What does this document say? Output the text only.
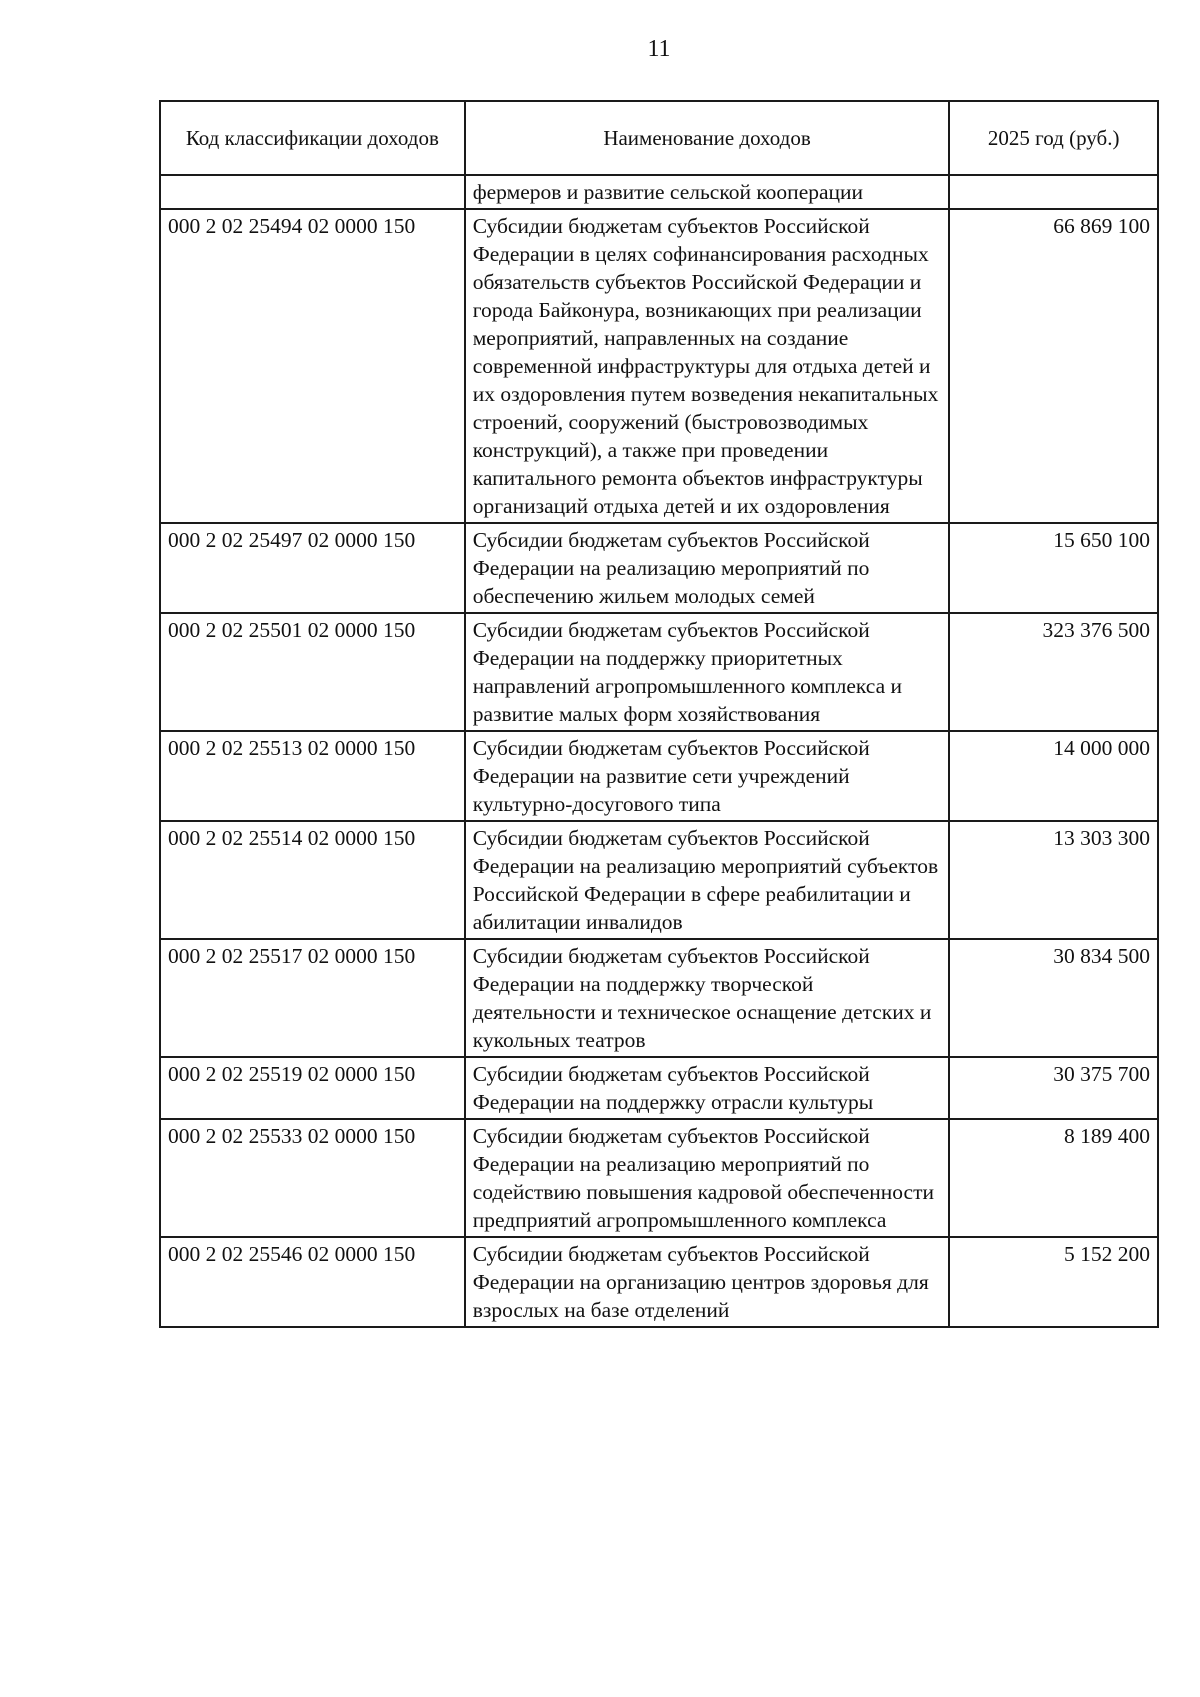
11
Код классификации доходов	Наименование доходов	2025 год (руб.)
	фермеров и развитие сельской кооперации	
000 2 02 25494 02 0000 150	Субсидии бюджетам субъектов Российской Федерации в целях софинансирования расходных обязательств субъектов Российской Федерации и города Байконура, возникающих при реализации мероприятий, направленных на создание современной инфраструктуры для отдыха детей и их оздоровления путем возведения некапитальных строений, сооружений (быстровозводимых конструкций), а также при проведении капитального ремонта объектов инфраструктуры организаций отдыха детей и их оздоровления	66 869 100
000 2 02 25497 02 0000 150	Субсидии бюджетам субъектов Российской Федерации на реализацию мероприятий по обеспечению жильем молодых семей	15 650 100
000 2 02 25501 02 0000 150	Субсидии бюджетам субъектов Российской Федерации на поддержку приоритетных направлений агропромышленного комплекса и развитие малых форм хозяйствования	323 376 500
000 2 02 25513 02 0000 150	Субсидии бюджетам субъектов Российской Федерации на развитие сети учреждений культурно-досугового типа	14 000 000
000 2 02 25514 02 0000 150	Субсидии бюджетам субъектов Российской Федерации на реализацию мероприятий субъектов Российской Федерации в сфере реабилитации и абилитации инвалидов	13 303 300
000 2 02 25517 02 0000 150	Субсидии бюджетам субъектов Российской Федерации на поддержку творческой деятельности и техническое оснащение детских и кукольных театров	30 834 500
000 2 02 25519 02 0000 150	Субсидии бюджетам субъектов Российской Федерации на поддержку отрасли культуры	30 375 700
000 2 02 25533 02 0000 150	Субсидии бюджетам субъектов Российской Федерации на реализацию мероприятий по содействию повышения кадровой обеспеченности предприятий агропромышленного комплекса	8 189 400
000 2 02 25546 02 0000 150	Субсидии бюджетам субъектов Российской Федерации на организацию центров здоровья для взрослых на базе отделений	5 152 200
